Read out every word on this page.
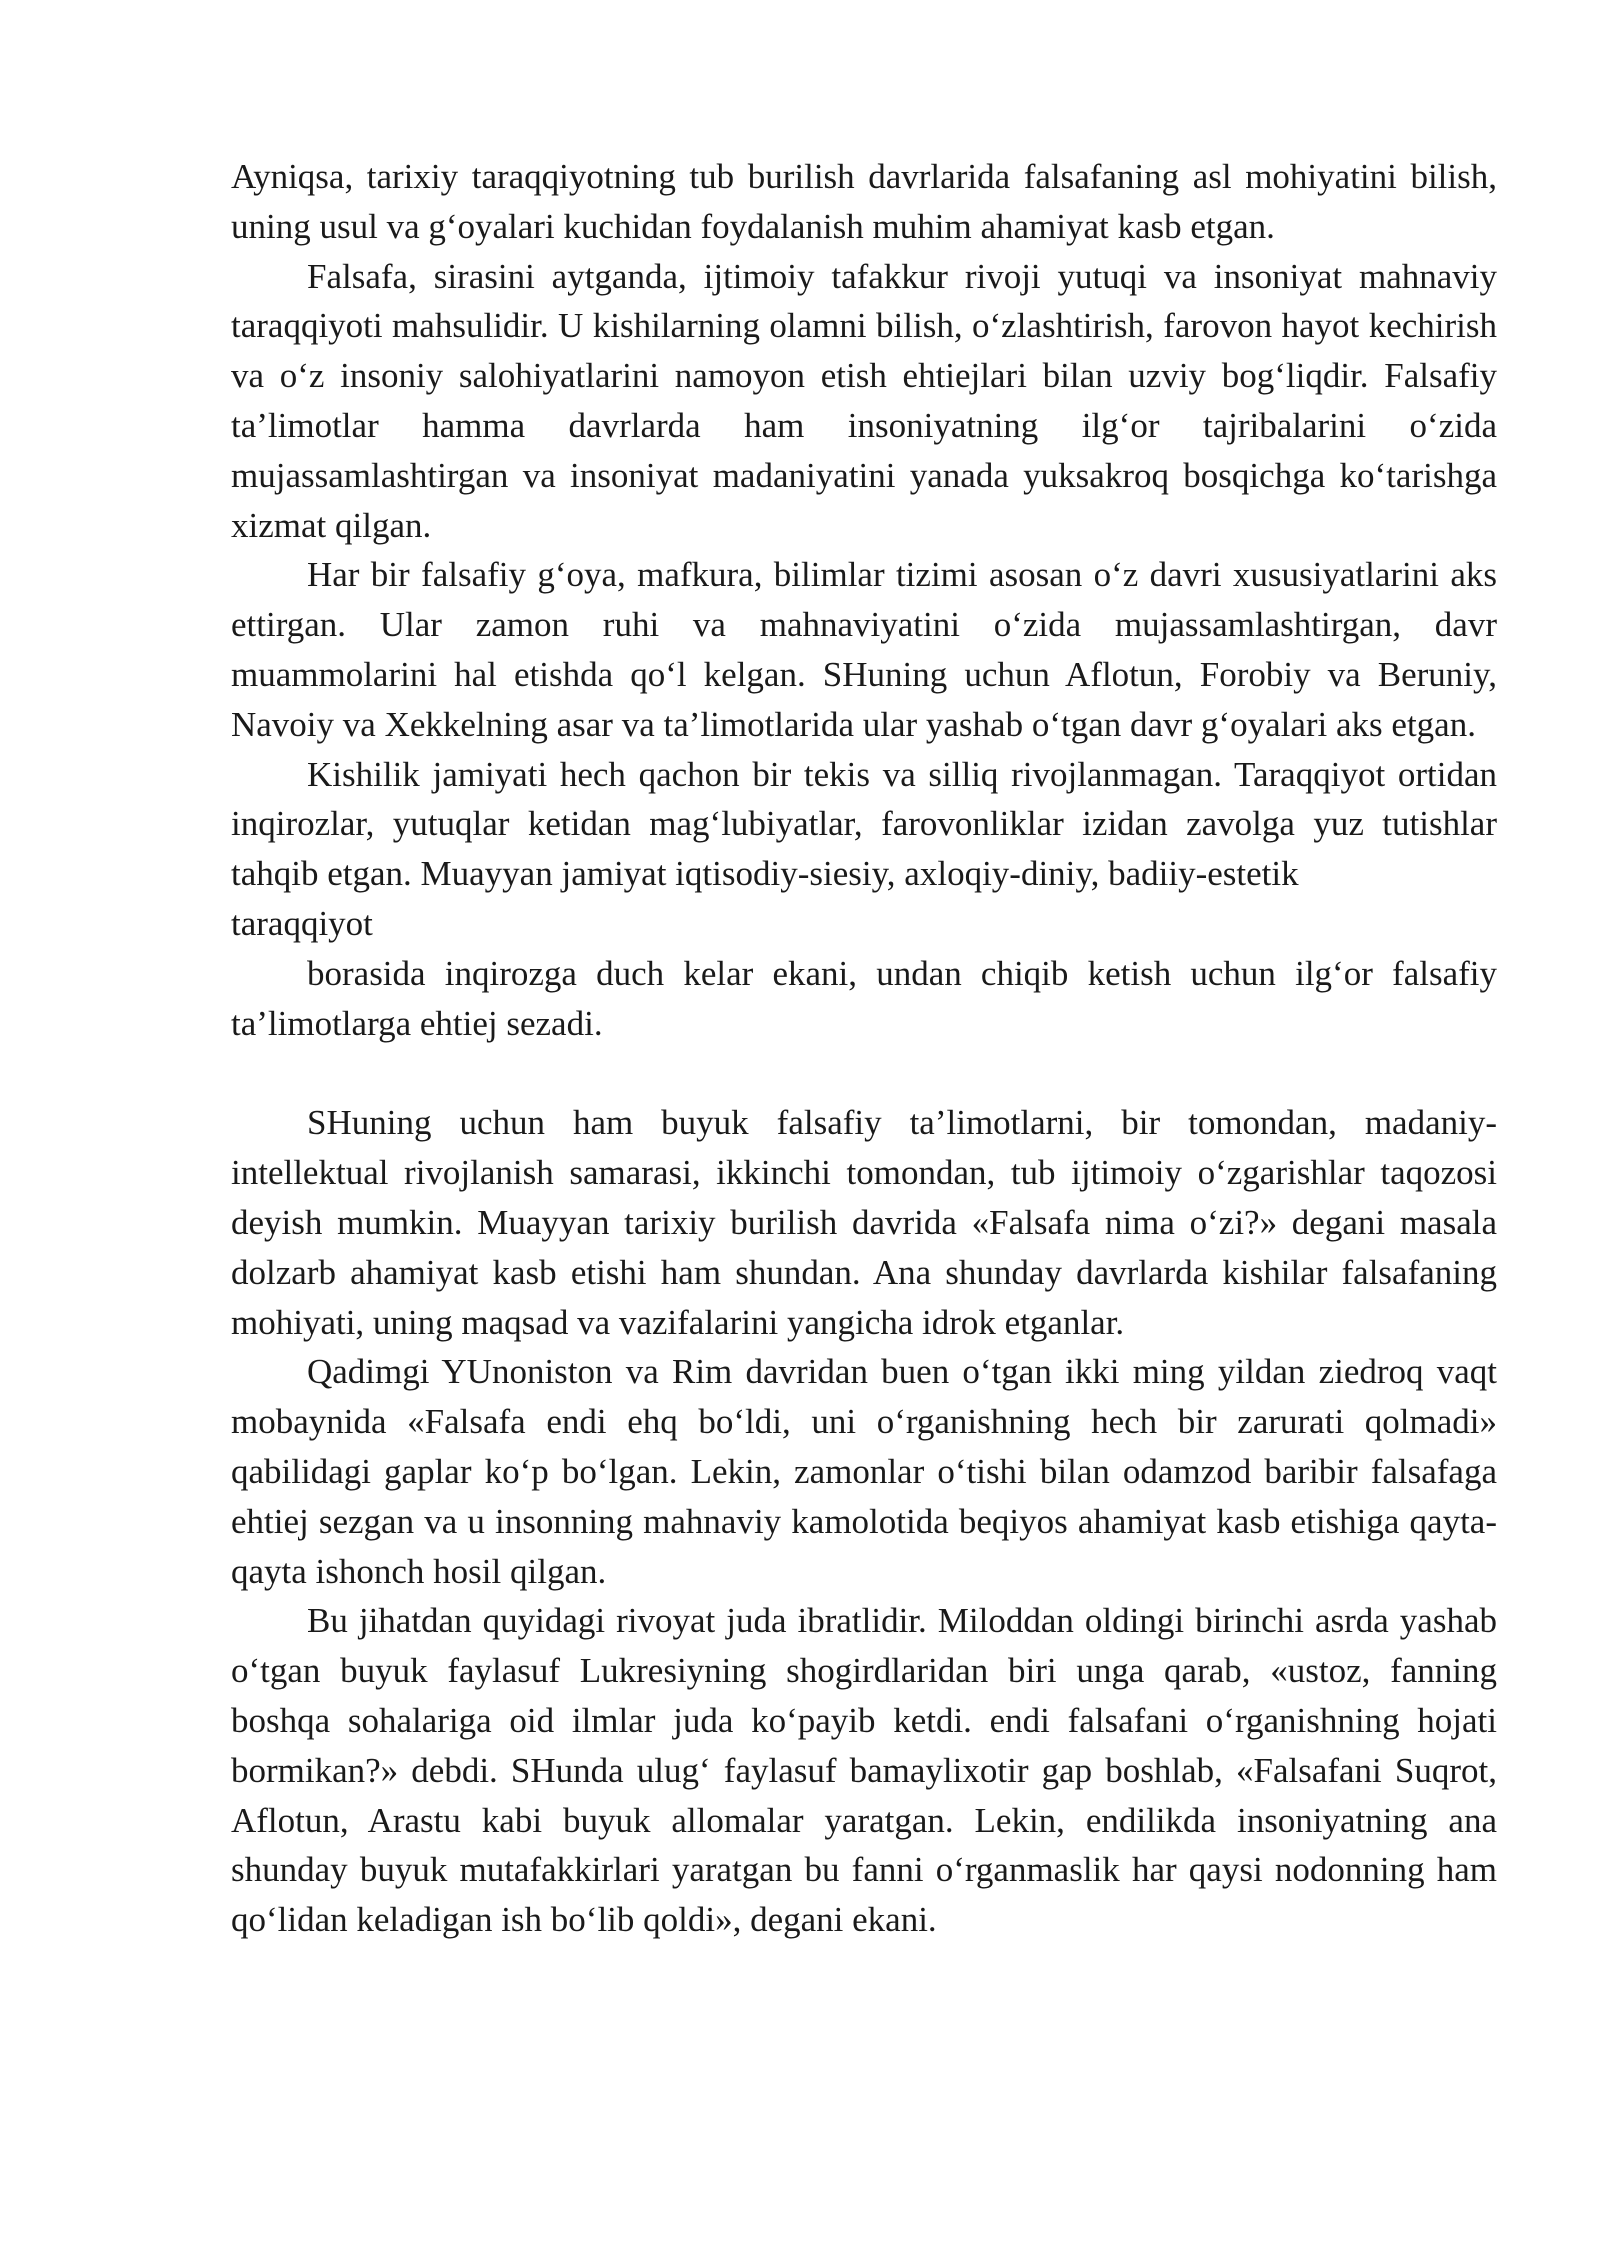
Ayniqsa, tarixiy taraqqiyotning tub burilish davrlarida falsafaning asl mohiyatini bilish, uning usul va g‘oyalari kuchidan foydalanish muhim ahamiyat kasb etgan.

Falsafa, sirasini aytganda, ijtimoiy tafakkur rivoji yutuqi va insoniyat mahnaviy taraqqiyoti mahsulidir. U kishilarning olamni bilish, o‘zlashtirish, farovon hayot kechirish va o‘z insoniy salohiyatlarini namoyon etish ehtiejlari bilan uzviy bog‘liqdir. Falsafiy ta’limotlar hamma davrlarda ham insoniyatning ilg‘or tajribalarini o‘zida mujassamlashtirgan va insoniyat madaniyatini yanada yuksakroq bosqichga ko‘tarishga xizmat qilgan.

Har bir falsafiy g‘oya, mafkura, bilimlar tizimi asosan o‘z davri xususiyatlarini aks ettirgan. Ular zamon ruhi va mahnaviyatini o‘zida mujassamlashtirgan, davr muammolarini hal etishda qo‘l kelgan. SHuning uchun Aflotun, Forobiy va Beruniy, Navoiy va Xekkelning asar va ta’limotlarida ular yashab o‘tgan davr g‘oyalari aks etgan.

Kishilik jamiyati hech qachon bir tekis va silliq rivojlanmagan. Taraqqiyot ortidan inqirozlar, yutuqlar ketidan mag‘lubiyatlar, farovonliklar izidan zavolga yuz tutishlar tahqib etgan. Muayyan jamiyat iqtisodiy-siesiy, axloqiy-diniy, badiiy-estetik

taraqqiyot

borasida inqirozga duch kelar ekani, undan chiqib ketish uchun ilg‘or falsafiy ta’limotlarga ehtiej sezadi.

SHuning uchun ham buyuk falsafiy ta’limotlarni, bir tomondan, madaniy-intellektual rivojlanish samarasi, ikkinchi tomondan, tub ijtimoiy o‘zgarishlar taqozosi deyish mumkin. Muayyan tarixiy burilish davrida «Falsafa nima o‘zi?» degani masala dolzarb ahamiyat kasb etishi ham shundan. Ana shunday davrlarda kishilar falsafaning mohiyati, uning maqsad va vazifalarini yangicha idrok etganlar.

Qadimgi YUnoniston va Rim davridan buen o‘tgan ikki ming yildan ziedroq vaqt mobaynida «Falsafa endi ehq bo‘ldi, uni o‘rganishning hech bir zarurati qolmadi» qabilidagi gaplar ko‘p bo‘lgan. Lekin, zamonlar o‘tishi bilan odamzod baribir falsafaga ehtiej sezgan va u insonning mahnaviy kamolotida beqiyos ahamiyat kasb etishiga qayta-qayta ishonch hosil qilgan.

Bu jihatdan quyidagi rivoyat juda ibratlidir. Miloddan oldingi birinchi asrda yashab o‘tgan buyuk faylasuf Lukresiyning shogirdlaridan biri unga qarab, «ustoz, fanning boshqa sohalariga oid ilmlar juda ko‘payib ketdi. endi falsafani o‘rganishning hojati bormikan?» debdi. SHunda ulug‘ faylasuf bamaylixotir gap boshlab, «Falsafani Suqrot, Aflotun, Arastu kabi buyuk allomalar yaratgan. Lekin, endilikda insoniyatning ana shunday buyuk mutafakkirlari yaratgan bu fanni o‘rganmaslik har qaysi nodonning ham qo‘lidan keladigan ish bo‘lib qoldi», degani ekani.
